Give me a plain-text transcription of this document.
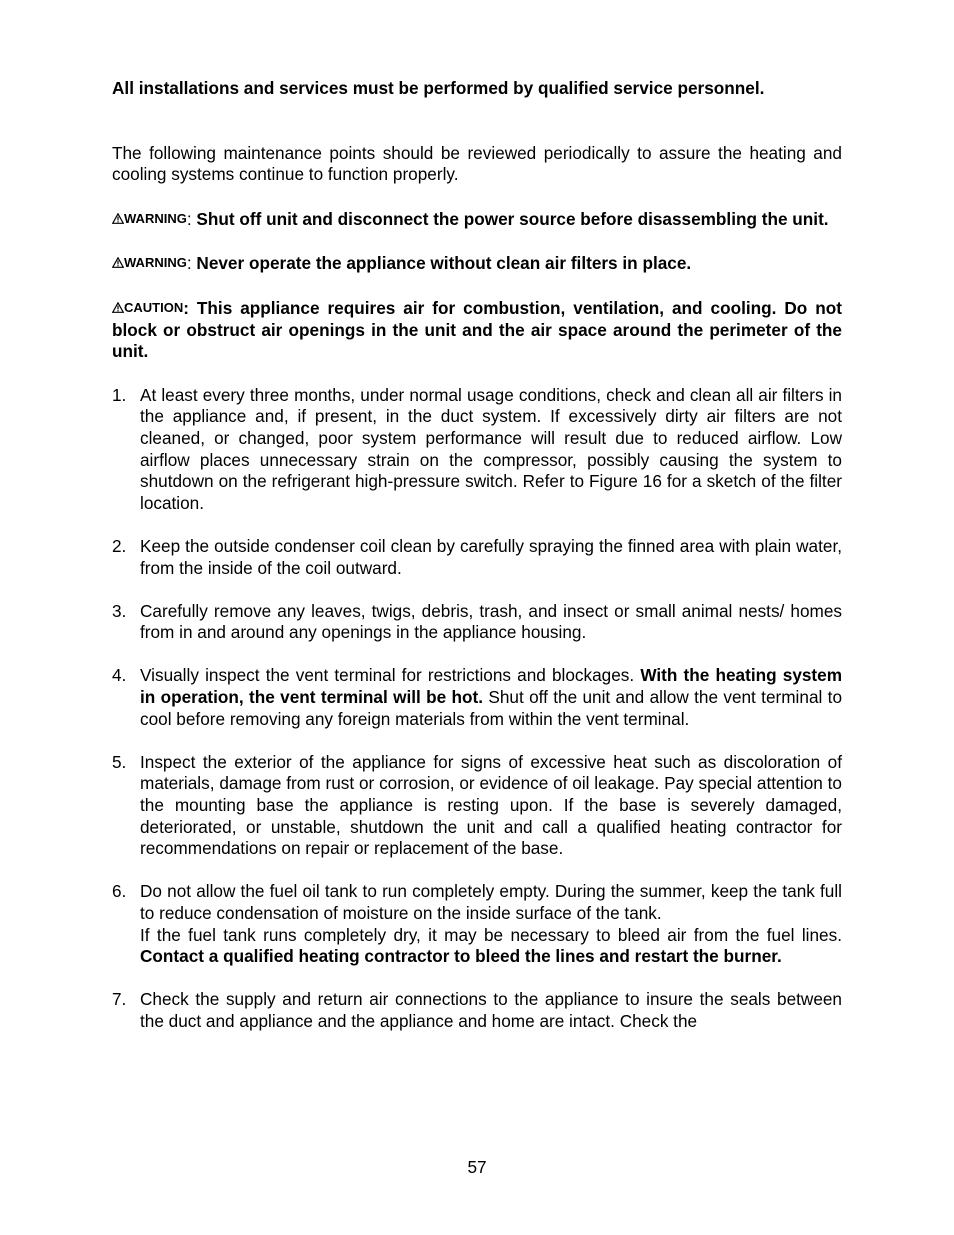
All installations and services must be performed by qualified service personnel.

The following maintenance points should be reviewed periodically to assure the heating and cooling systems continue to function properly.

WARNING: Shut off unit and disconnect the power source before disassembling the unit.

WARNING: Never operate the appliance without clean air filters in place.

CAUTION: This appliance requires air for combustion, ventilation, and cooling. Do not block or obstruct air openings in the unit and the air space around the perimeter of the unit.

1. At least every three months, under normal usage conditions, check and clean all air filters in the appliance and, if present, in the duct system. If excessively dirty air filters are not cleaned, or changed, poor system performance will result due to reduced airflow. Low airflow places unnecessary strain on the compressor, possibly causing the system to shutdown on the refrigerant high-pressure switch. Refer to Figure 16 for a sketch of the filter location.
2. Keep the outside condenser coil clean by carefully spraying the finned area with plain water, from the inside of the coil outward.
3. Carefully remove any leaves, twigs, debris, trash, and insect or small animal nests/ homes from in and around any openings in the appliance housing.
4. Visually inspect the vent terminal for restrictions and blockages. With the heating system in operation, the vent terminal will be hot. Shut off the unit and allow the vent terminal to cool before removing any foreign materials from within the vent terminal.
5. Inspect the exterior of the appliance for signs of excessive heat such as discoloration of materials, damage from rust or corrosion, or evidence of oil leakage. Pay special attention to the mounting base the appliance is resting upon. If the base is severely damaged, deteriorated, or unstable, shutdown the unit and call a qualified heating contractor for recommendations on repair or replacement of the base.
6. Do not allow the fuel oil tank to run completely empty. During the summer, keep the tank full to reduce condensation of moisture on the inside surface of the tank.
If the fuel tank runs completely dry, it may be necessary to bleed air from the fuel lines. Contact a qualified heating contractor to bleed the lines and restart the burner.
7. Check the supply and return air connections to the appliance to insure the seals between the duct and appliance and the appliance and home are intact. Check the
57
